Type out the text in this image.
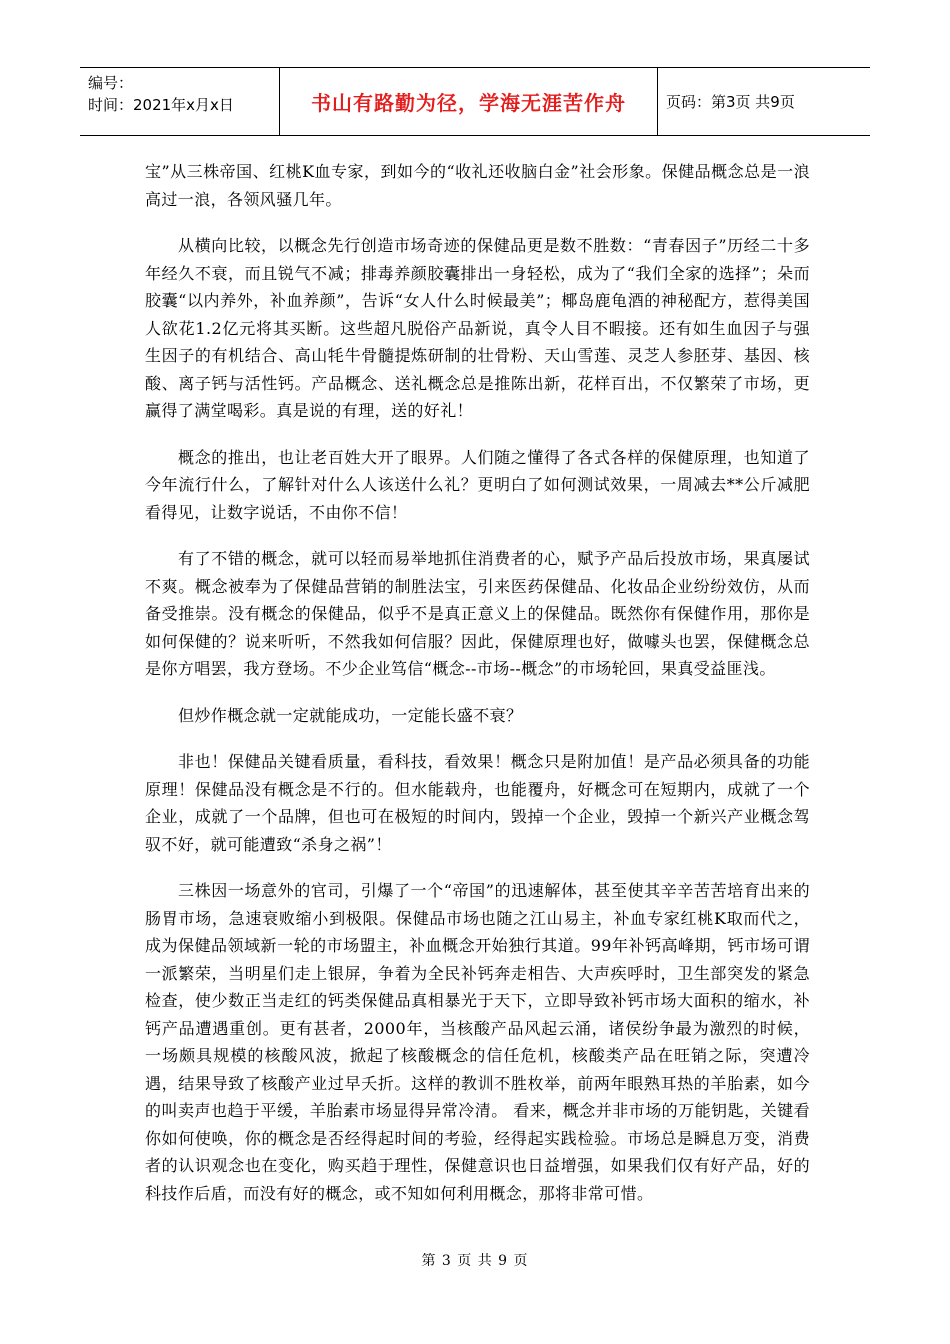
编号：
时间：2021年x月x日	书山有路勤为径，学海无涯苦作舟	页码：第3页 共9页

宝”从三株帝国、红桃K血专家，到如今的“收礼还收脑白金”社会形象。保健品概念总是一浪高过一浪，各领风骚几年。

从横向比较，以概念先行创造市场奇迹的保健品更是数不胜数：“青春因子”历经二十多年经久不衰，而且锐气不减；排毒养颜胶囊排出一身轻松，成为了“我们全家的选择”；朵而胶囊“以内养外，补血养颜”，告诉“女人什么时候最美”；椰岛鹿龟酒的神秘配方，惹得美国人欲花1.2亿元将其买断。这些超凡脱俗产品新说，真令人目不暇接。还有如生血因子与强生因子的有机结合、高山牦牛骨髓提炼研制的壮骨粉、天山雪莲、灵芝人参胚芽、基因、核酸、离子钙与活性钙。产品概念、送礼概念总是推陈出新，花样百出，不仅繁荣了市场，更赢得了满堂喝彩。真是说的有理，送的好礼！

概念的推出，也让老百姓大开了眼界。人们随之懂得了各式各样的保健原理，也知道了今年流行什么，了解针对什么人该送什么礼？更明白了如何测试效果，一周减去**公斤减肥看得见，让数字说话，不由你不信！

有了不错的概念，就可以轻而易举地抓住消费者的心，赋予产品后投放市场，果真屡试不爽。概念被奉为了保健品营销的制胜法宝，引来医药保健品、化妆品企业纷纷效仿，从而备受推崇。没有概念的保健品，似乎不是真正意义上的保健品。既然你有保健作用，那你是如何保健的？说来听听，不然我如何信服？因此，保健原理也好，做噱头也罢，保健概念总是你方唱罢，我方登场。不少企业笃信“概念--市场--概念”的市场轮回，果真受益匪浅。

但炒作概念就一定就能成功，一定能长盛不衰？

非也！保健品关键看质量，看科技，看效果！概念只是附加值！是产品必须具备的功能原理！保健品没有概念是不行的。但水能载舟，也能覆舟，好概念可在短期内，成就了一个企业，成就了一个品牌，但也可在极短的时间内，毁掉一个企业，毁掉一个新兴产业概念驾驭不好，就可能遭致“杀身之祸”！

三株因一场意外的官司，引爆了一个“帝国”的迅速解体，甚至使其辛辛苦苦培育出来的肠胃市场，急速衰败缩小到极限。保健品市场也随之江山易主，补血专家红桃K取而代之，成为保健品领域新一轮的市场盟主，补血概念开始独行其道。99年补钙高峰期，钙市场可谓一派繁荣，当明星们走上银屏，争着为全民补钙奔走相告、大声疾呼时，卫生部突发的紧急检查，使少数正当走红的钙类保健品真相暴光于天下，立即导致补钙市场大面积的缩水，补钙产品遭遇重创。更有甚者，2000年，当核酸产品风起云涌，诸侯纷争最为激烈的时候，一场颇具规模的核酸风波，掀起了核酸概念的信任危机，核酸类产品在旺销之际，突遭冷遇，结果导致了核酸产业过早夭折。这样的教训不胜枚举，前两年眼熟耳热的羊胎素，如今的叫卖声也趋于平缓，羊胎素市场显得异常冷清。 看来，概念并非市场的万能钥匙，关键看你如何使唤，你的概念是否经得起时间的考验，经得起实践检验。市场总是瞬息万变，消费者的认识观念也在变化，购买趋于理性，保健意识也日益增强，如果我们仅有好产品，好的科技作后盾，而没有好的概念，或不知如何利用概念，那将非常可惜。

第 3 页 共 9 页
